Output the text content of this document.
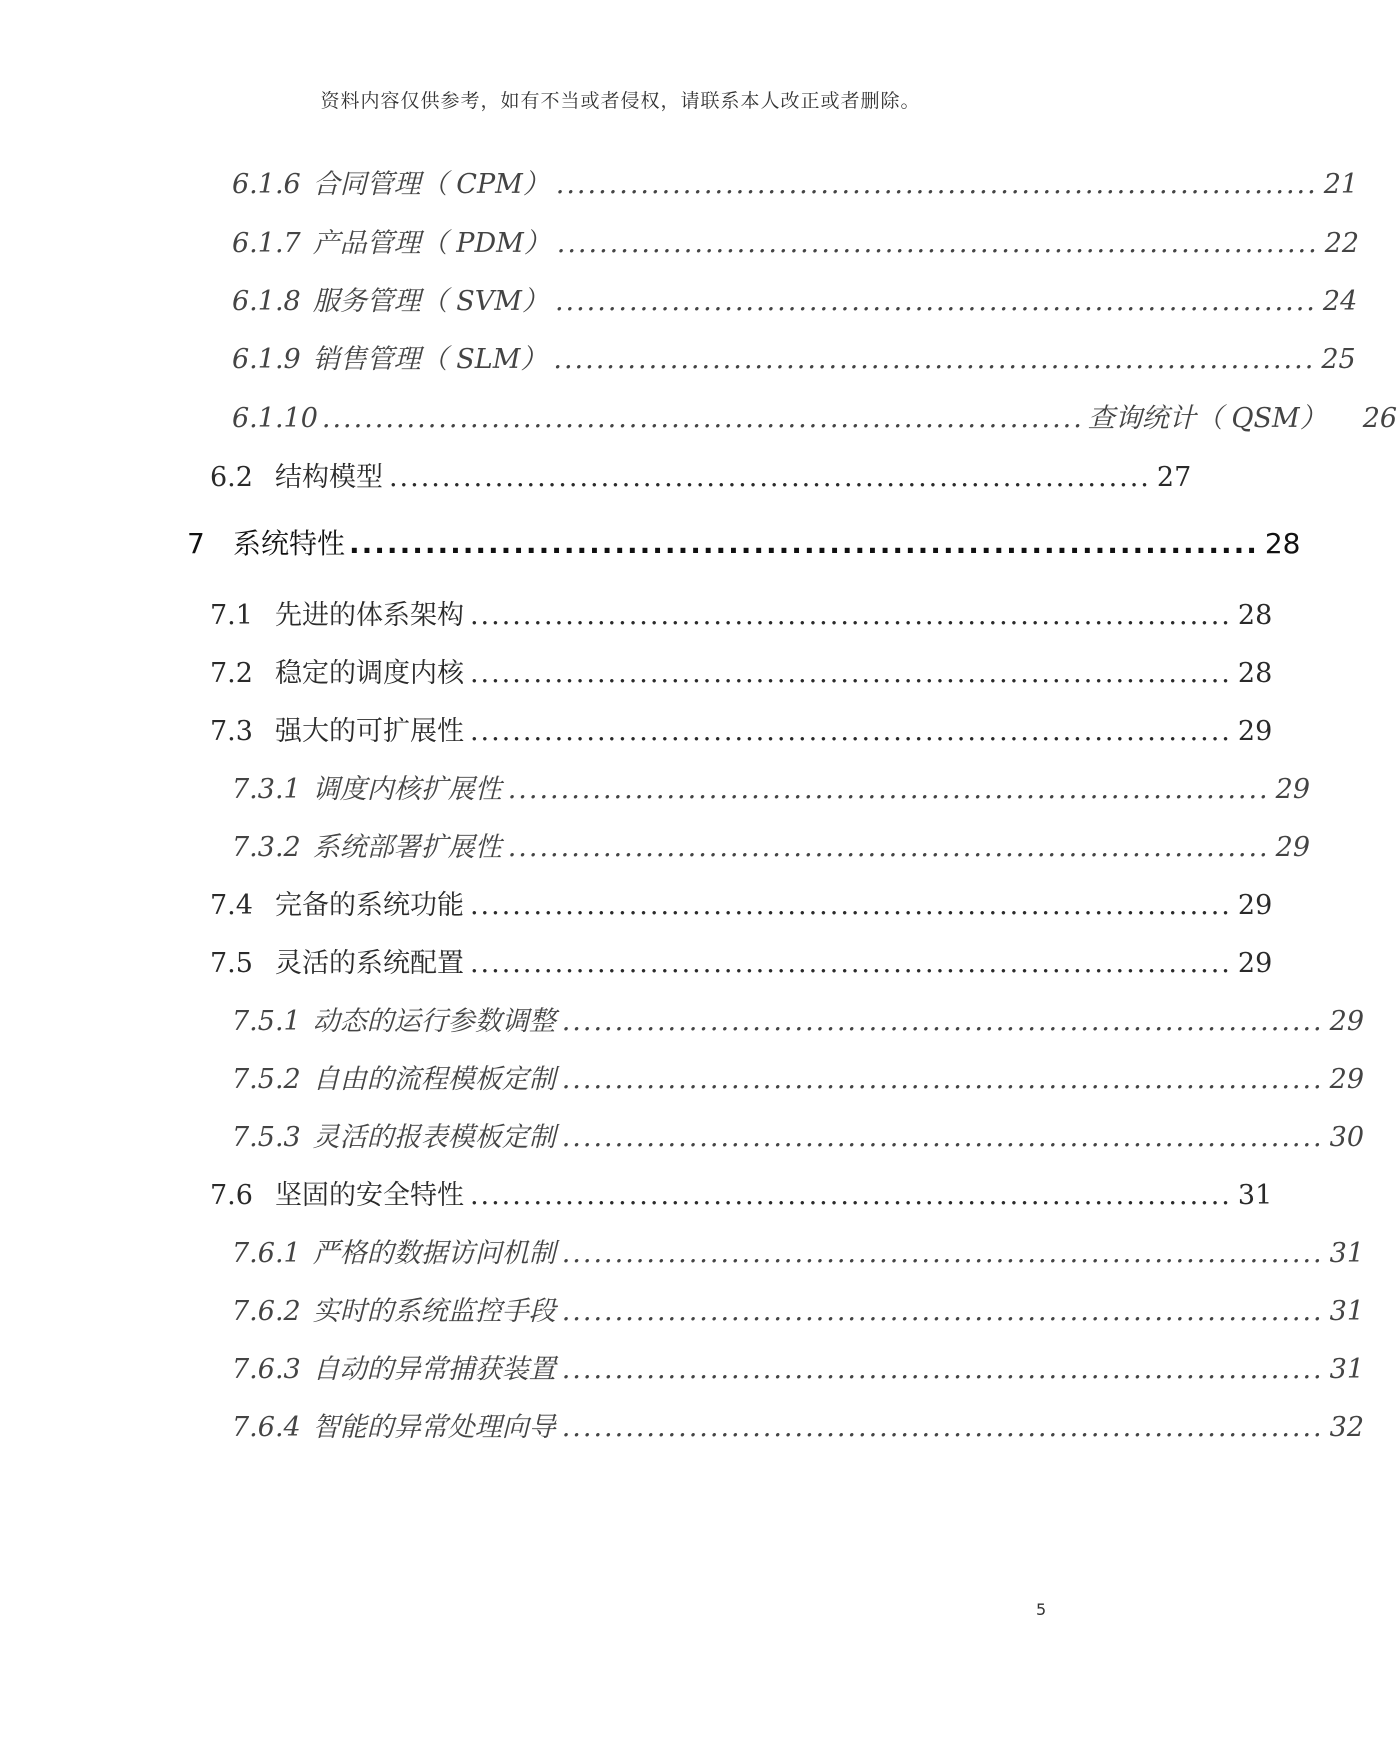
资料内容仅供参考，如有不当或者侵权，请联系本人改正或者删除。
6.1.6 合同管理（ CPM） ........................................................................ 21
6.1.7 产品管理（ PDM） ........................................................................ 22
6.1.8 服务管理（ SVM） ........................................................................ 24
6.1.9 销售管理（ SLM） ........................................................................ 25
6.1.10 ........................................................................ 查询统计（ QSM） 26
6.2 结构模型 ........................................................................ 27
7	系统特性 ........................................................................ 28
7.1 先进的体系架构 ........................................................................ 28
7.2 稳定的调度内核 ........................................................................ 28
7.3 强大的可扩展性 ........................................................................ 29
7.3.1 调度内核扩展性 ........................................................................ 29
7.3.2 系统部署扩展性 ........................................................................ 29
7.4 完备的系统功能 ........................................................................ 29
7.5 灵活的系统配置 ........................................................................ 29
7.5.1 动态的运行参数调整 ........................................................................ 29
7.5.2 自由的流程模板定制 ........................................................................ 29
7.5.3 灵活的报表模板定制 ........................................................................ 30
7.6 坚固的安全特性 ........................................................................ 31
7.6.1 严格的数据访问机制 ........................................................................ 31
7.6.2 实时的系统监控手段 ........................................................................ 31
7.6.3 自动的异常捕获装置 ........................................................................ 31
7.6.4 智能的异常处理向导 ........................................................................ 32
5
